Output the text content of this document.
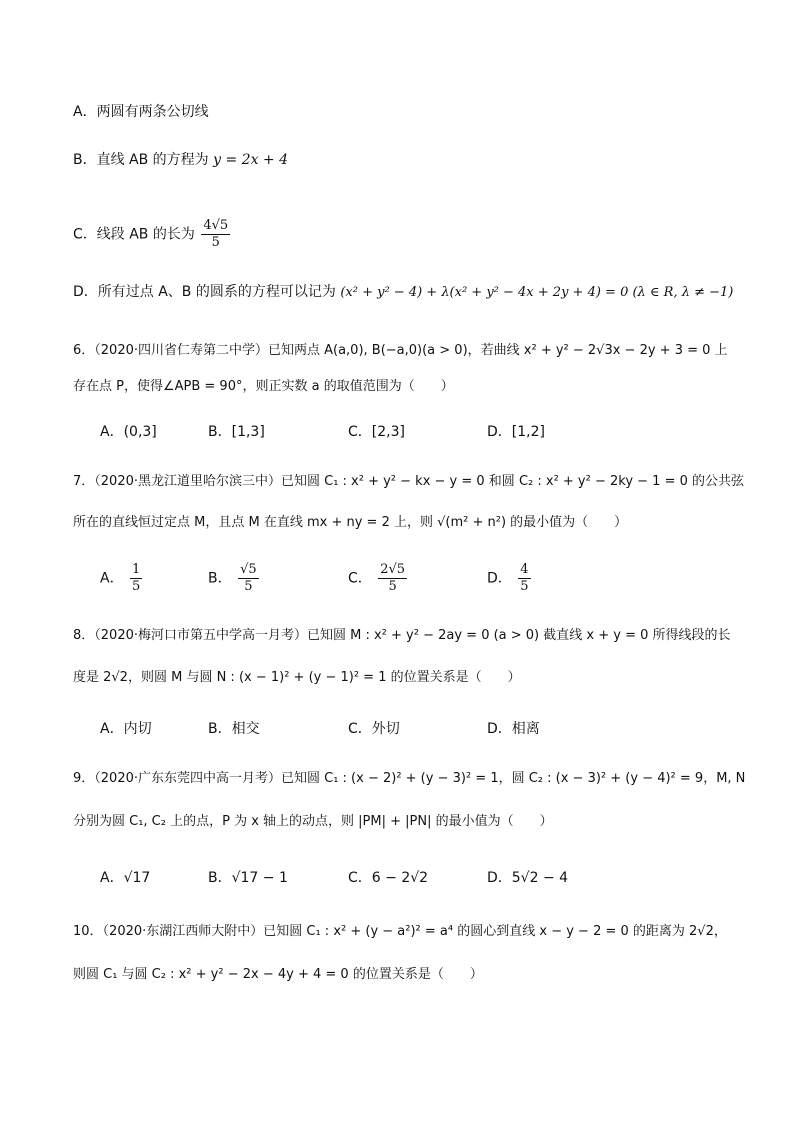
A．两圆有两条公切线
B．直线 AB 的方程为 y = 2x + 4
C．线段 AB 的长为 $\frac{4√5}{5}$
D．所有过点 A、B 的圆系的方程可以记为 (x² + y² − 4) + λ(x² + y² − 4x + 2y + 4) = 0 (λ ∈ R, λ ≠ −1)
6．（2020·四川省仁寿第二中学）已知两点 A(a,0), B(−a,0)(a > 0)，若曲线 x² + y² − 2√3x − 2y + 3 = 0 上
存在点 P，使得∠APB = 90°，则正实数 a 的取值范围为（　　）
A．(0,3]	B．[1,3]	C．[2,3]	D．[1,2]
7．（2020·黑龙江道里哈尔滨三中）已知圆 C₁ : x² + y² − kx − y = 0 和圆 C₂ : x² + y² − 2ky − 1 = 0 的公共弦
所在的直线恒过定点 M，且点 M 在直线 mx + ny = 2 上，则 √(m² + n²) 的最小值为（　　）
A． $\frac{1}{5}$	B． $\frac{√5}{5}$	C． $\frac{2√5}{5}$	D． $\frac{4}{5}$
8．（2020·梅河口市第五中学高一月考）已知圆 M : x² + y² − 2ay = 0 (a > 0) 截直线 x + y = 0 所得线段的长
度是 2√2，则圆 M 与圆 N : (x − 1)² + (y − 1)² = 1 的位置关系是（　　）
A．内切	B．相交	C．外切	D．相离
9．（2020·广东东莞四中高一月考）已知圆 C₁ : (x − 2)² + (y − 3)² = 1，圆 C₂ : (x − 3)² + (y − 4)² = 9，M, N
分别为圆 C₁, C₂ 上的点，P 为 x 轴上的动点，则 |PM| + |PN| 的最小值为（　　）
A．√17	B．√17 − 1	C．6 − 2√2	D．5√2 − 4
10．（2020·东湖江西师大附中）已知圆 C₁ : x² + (y − a²)² = a⁴ 的圆心到直线 x − y − 2 = 0 的距离为 2√2，
则圆 C₁ 与圆 C₂ : x² + y² − 2x − 4y + 4 = 0 的位置关系是（　　）
